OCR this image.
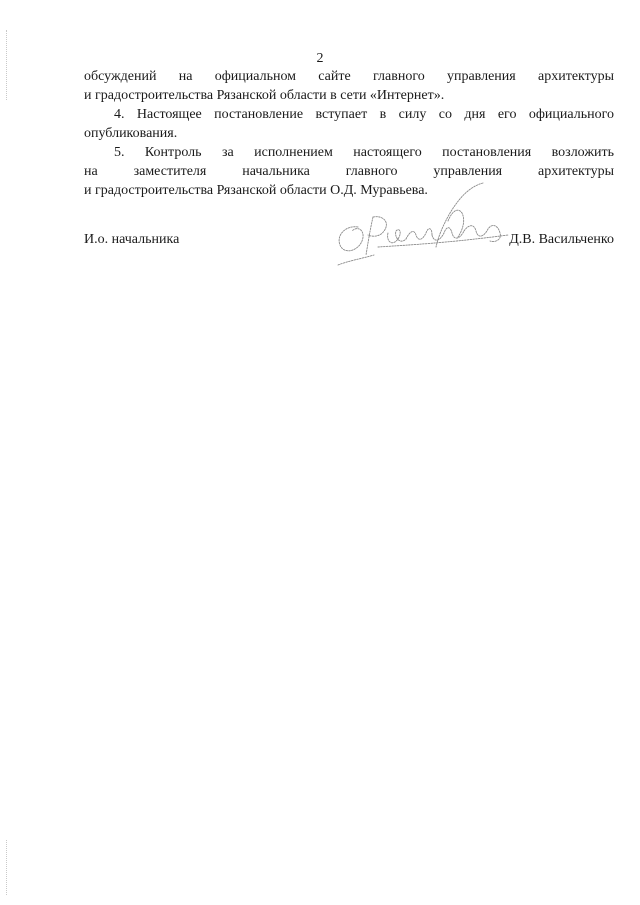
2

обсуждений на официальном сайте главного управления архитектуры
и градостроительства Рязанской области в сети «Интернет».

4. Настоящее постановление вступает в силу со дня его официального
опубликования.

5. Контроль за исполнением настоящего постановления возложить
на заместителя начальника главного управления архитектуры
и градостроительства Рязанской области О.Д. Муравьева.

И.о. начальника	Д.В. Васильченко
